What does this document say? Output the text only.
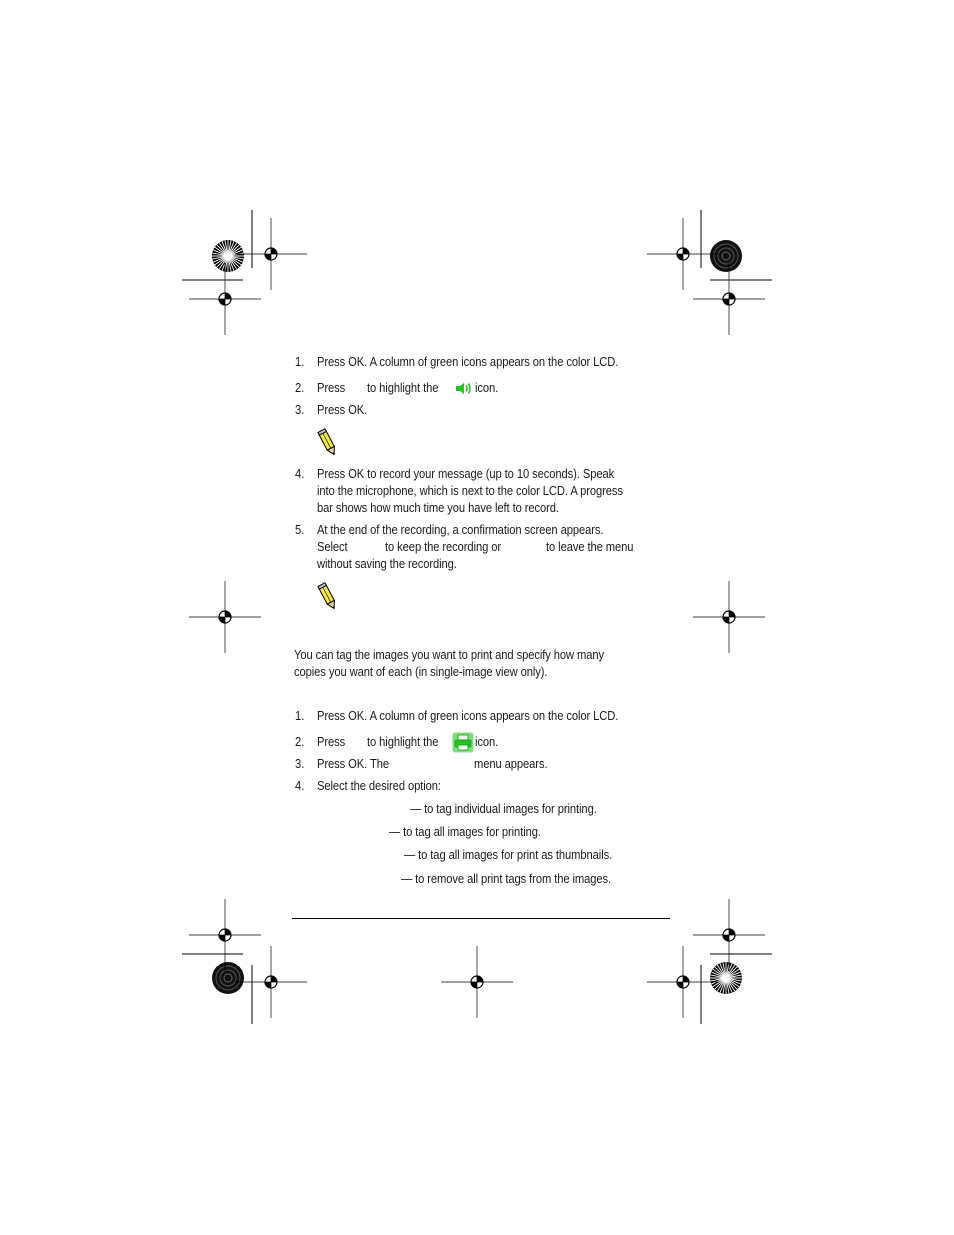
1. Press OK. A column of green icons appears on the color LCD.
2. Press to highlight the	icon.
3. Press OK.
4. Press OK to record your message (up to 10 seconds). Speak
into the microphone, which is next to the color LCD. A progress
bar shows how much time you have left to record.
5. At the end of the recording, a confirmation screen appears.
Select	to keep the recording or	to leave the menu
without saving the recording.
You can tag the images you want to print and specify how many
copies you want of each (in single-image view only).
1. Press OK. A column of green icons appears on the color LCD.
2. Press to highlight the	icon.
3. Press OK. The	menu appears.
4. Select the desired option:
— to tag individual images for printing.
— to tag all images for printing.
— to tag all images for print as thumbnails.
— to remove all print tags from the images.
